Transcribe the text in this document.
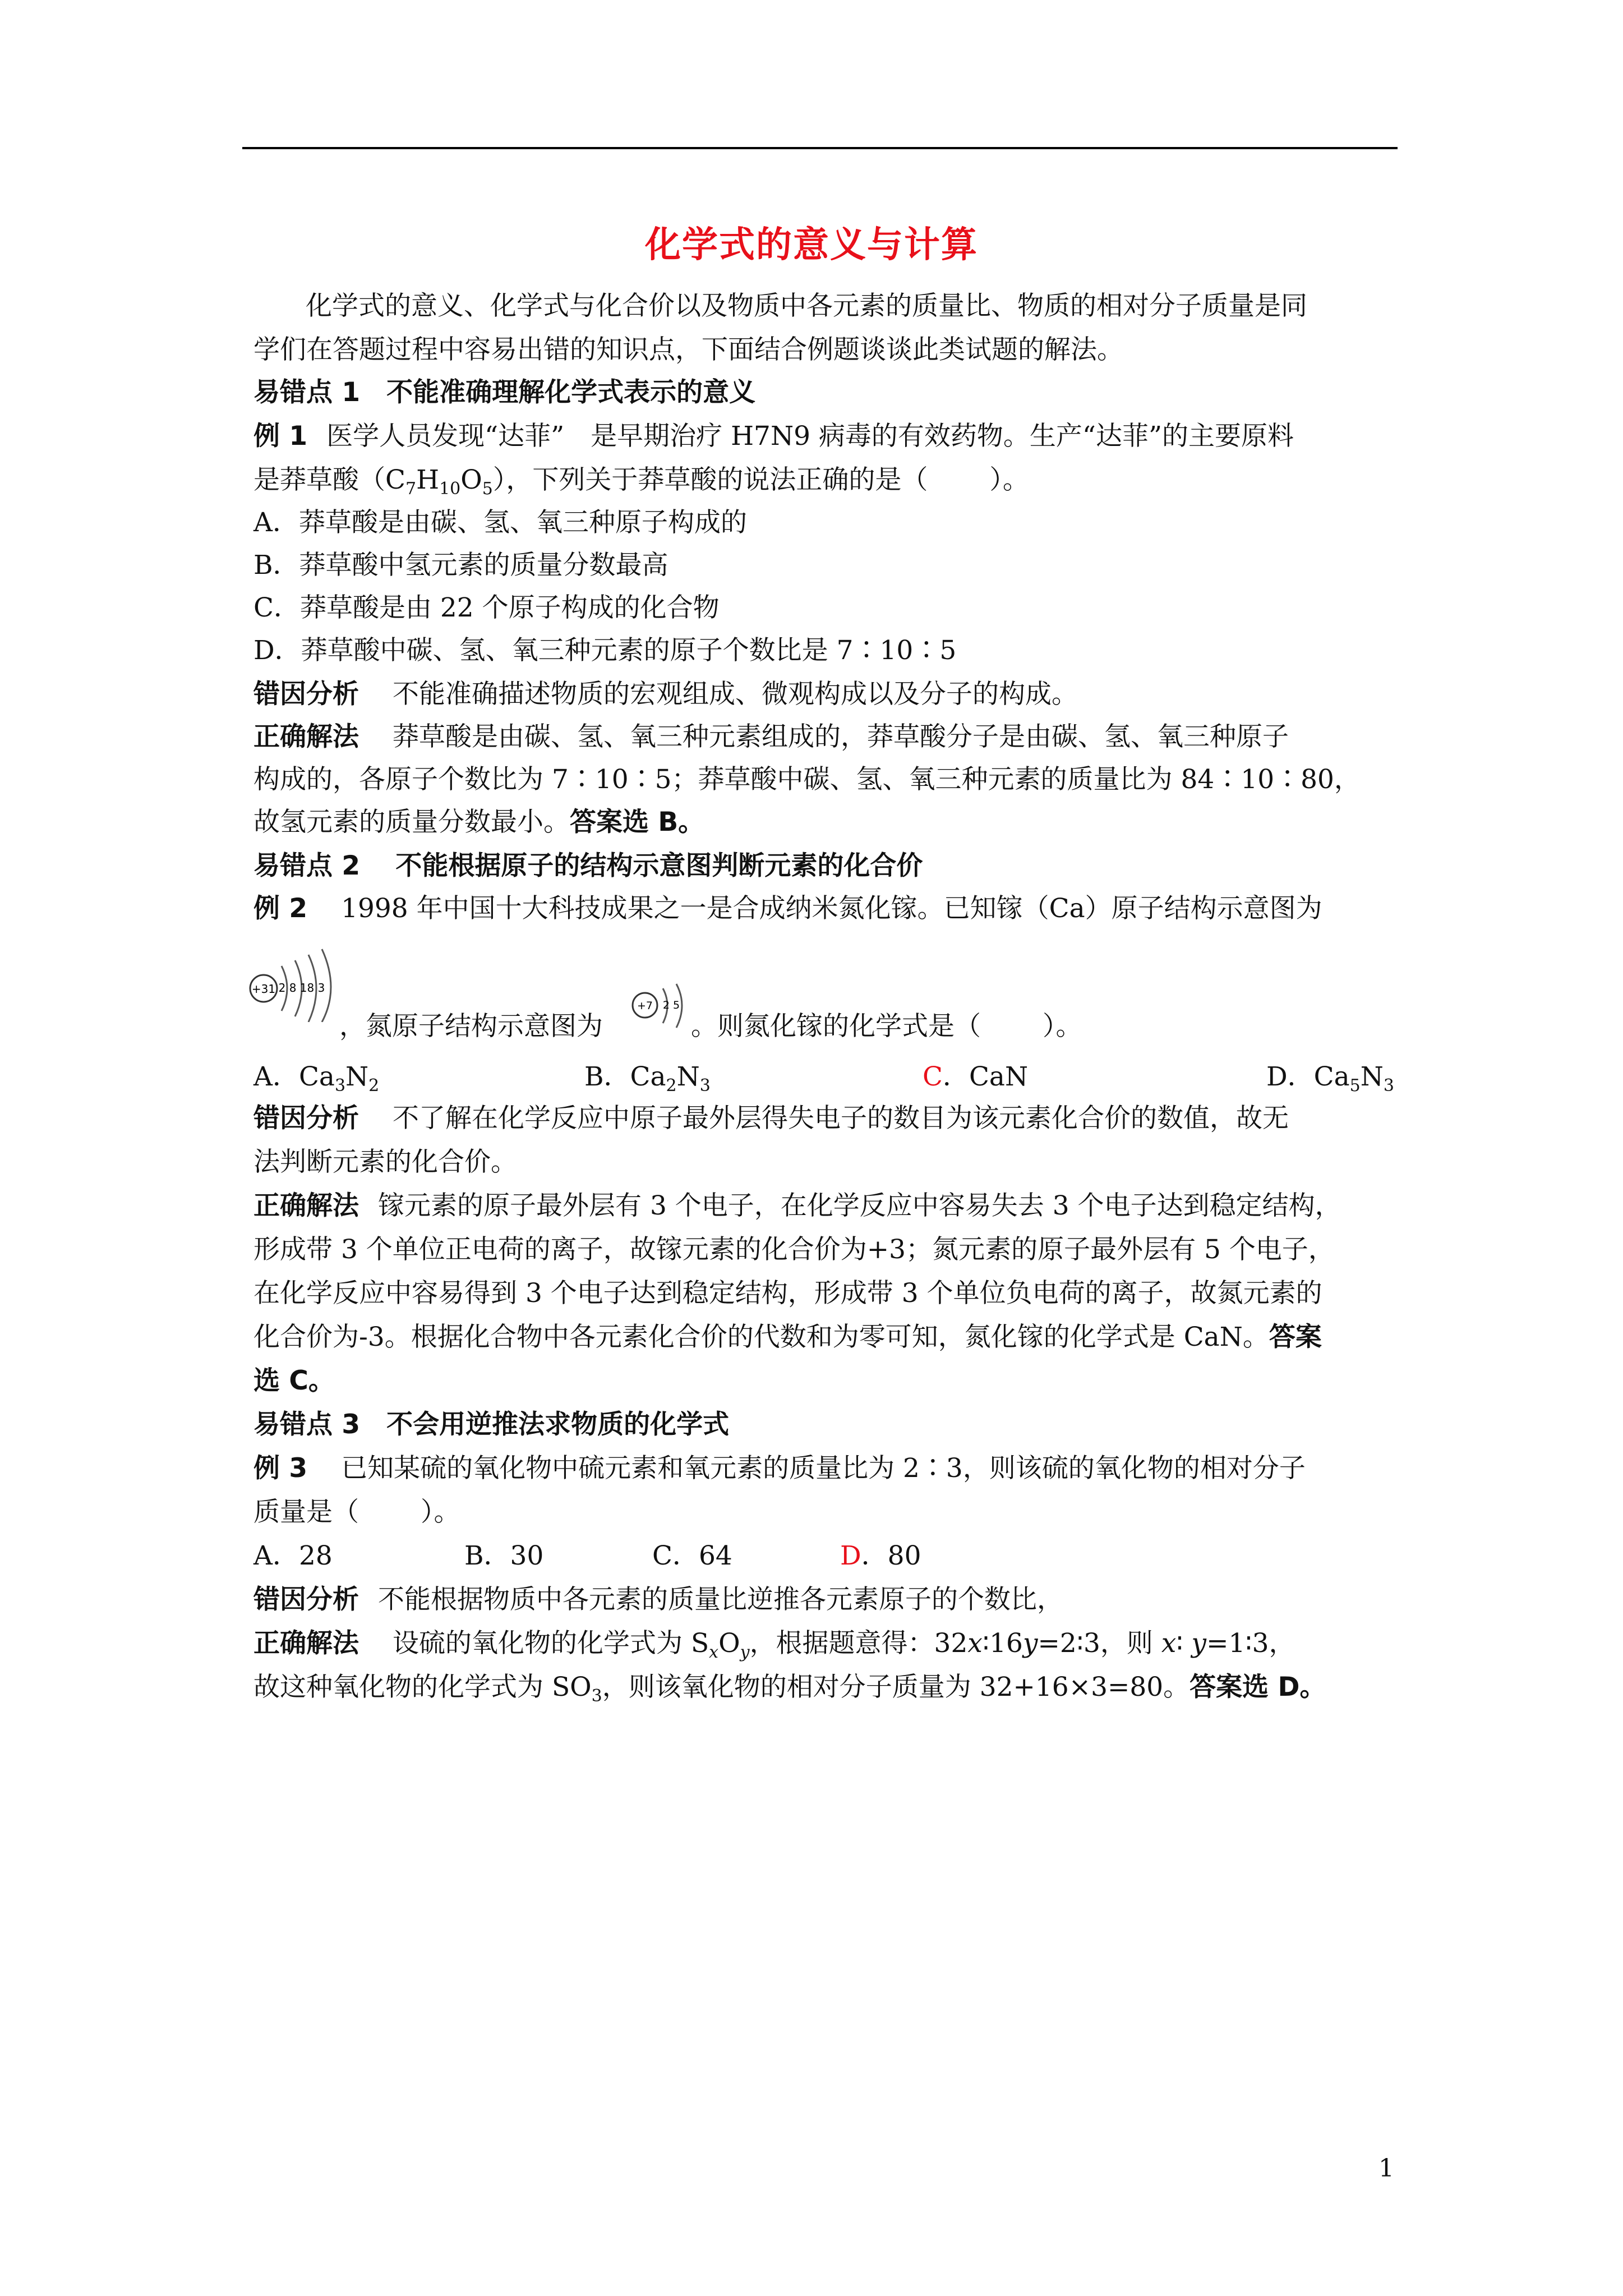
化学式的意义与计算
化学式的意义、化学式与化合价以及物质中各元素的质量比、物质的相对分子质量是同
学们在答题过程中容易出错的知识点，下面结合例题谈谈此类试题的解法。
易错点 1　不能准确理解化学式表示的意义
例 1 医学人员发现“达菲”　是早期治疗 H7N9 病毒的有效药物。生产“达菲”的主要原料
是莽草酸$(C_7H_{10}O_5)$，下列关于莽草酸的说法正确的是（ ）。
A．莽草酸是由碳、氢、氧三种原子构成的
B．莽草酸中氢元素的质量分数最高
C．莽草酸是由 22 个原子构成的化合物
D．莽草酸中碳、氢、氧三种元素的原子个数比是 7∶10∶5
错因分析 不能准确描述物质的宏观组成、微观构成以及分子的构成。
正确解法 莽草酸是由碳、氢、氧三种元素组成的，莽草酸分子是由碳、氢、氧三种原子
构成的，各原子个数比为 7∶10∶5；莽草酸中碳、氢、氧三种元素的质量比为 84∶10∶80，
故氢元素的质量分数最小。答案选 B。
易错点 2　 不能根据原子的结构示意图判断元素的化合价
例 2 1998 年中国十大科技成果之一是合成纳米氮化镓。已知镓（Ca）原子结构示意图为
+31 2 8 18 3
+7 2 5
，氮原子结构示意图为	。则氮化镓的化学式是（ ）。
A．$Ca_3N_2$	B．$Ca_2N_3$	C．CaN	D．$Ca_5N_3$
错因分析 不了解在化学反应中原子最外层得失电子的数目为该元素化合价的数值，故无
法判断元素的化合价。
正确解法 镓元素的原子最外层有 3 个电子，在化学反应中容易失去 3 个电子达到稳定结构，
形成带 3 个单位正电荷的离子，故镓元素的化合价为+3；氮元素的原子最外层有 5 个电子，
在化学反应中容易得到 3 个电子达到稳定结构，形成带 3 个单位负电荷的离子，故氮元素的
化合价为-3。根据化合物中各元素化合价的代数和为零可知，氮化镓的化学式是 CaN。答案
选 C。
易错点 3　不会用逆推法求物质的化学式
例 3 已知某硫的氧化物中硫元素和氧元素的质量比为 2∶3，则该硫的氧化物的相对分子
质量是（ ）。
A．28	B．30	C．64	D．80
错因分析 不能根据物质中各元素的质量比逆推各元素原子的个数比，
正确解法 设硫的氧化物的化学式为 $S_xO_y$，根据题意得：32x∶16y=2∶3，则 x∶ y=1∶3，
故这种氧化物的化学式为 $SO_3$，则该氧化物的相对分子质量为 32+16×3=80。答案选 D。
1
